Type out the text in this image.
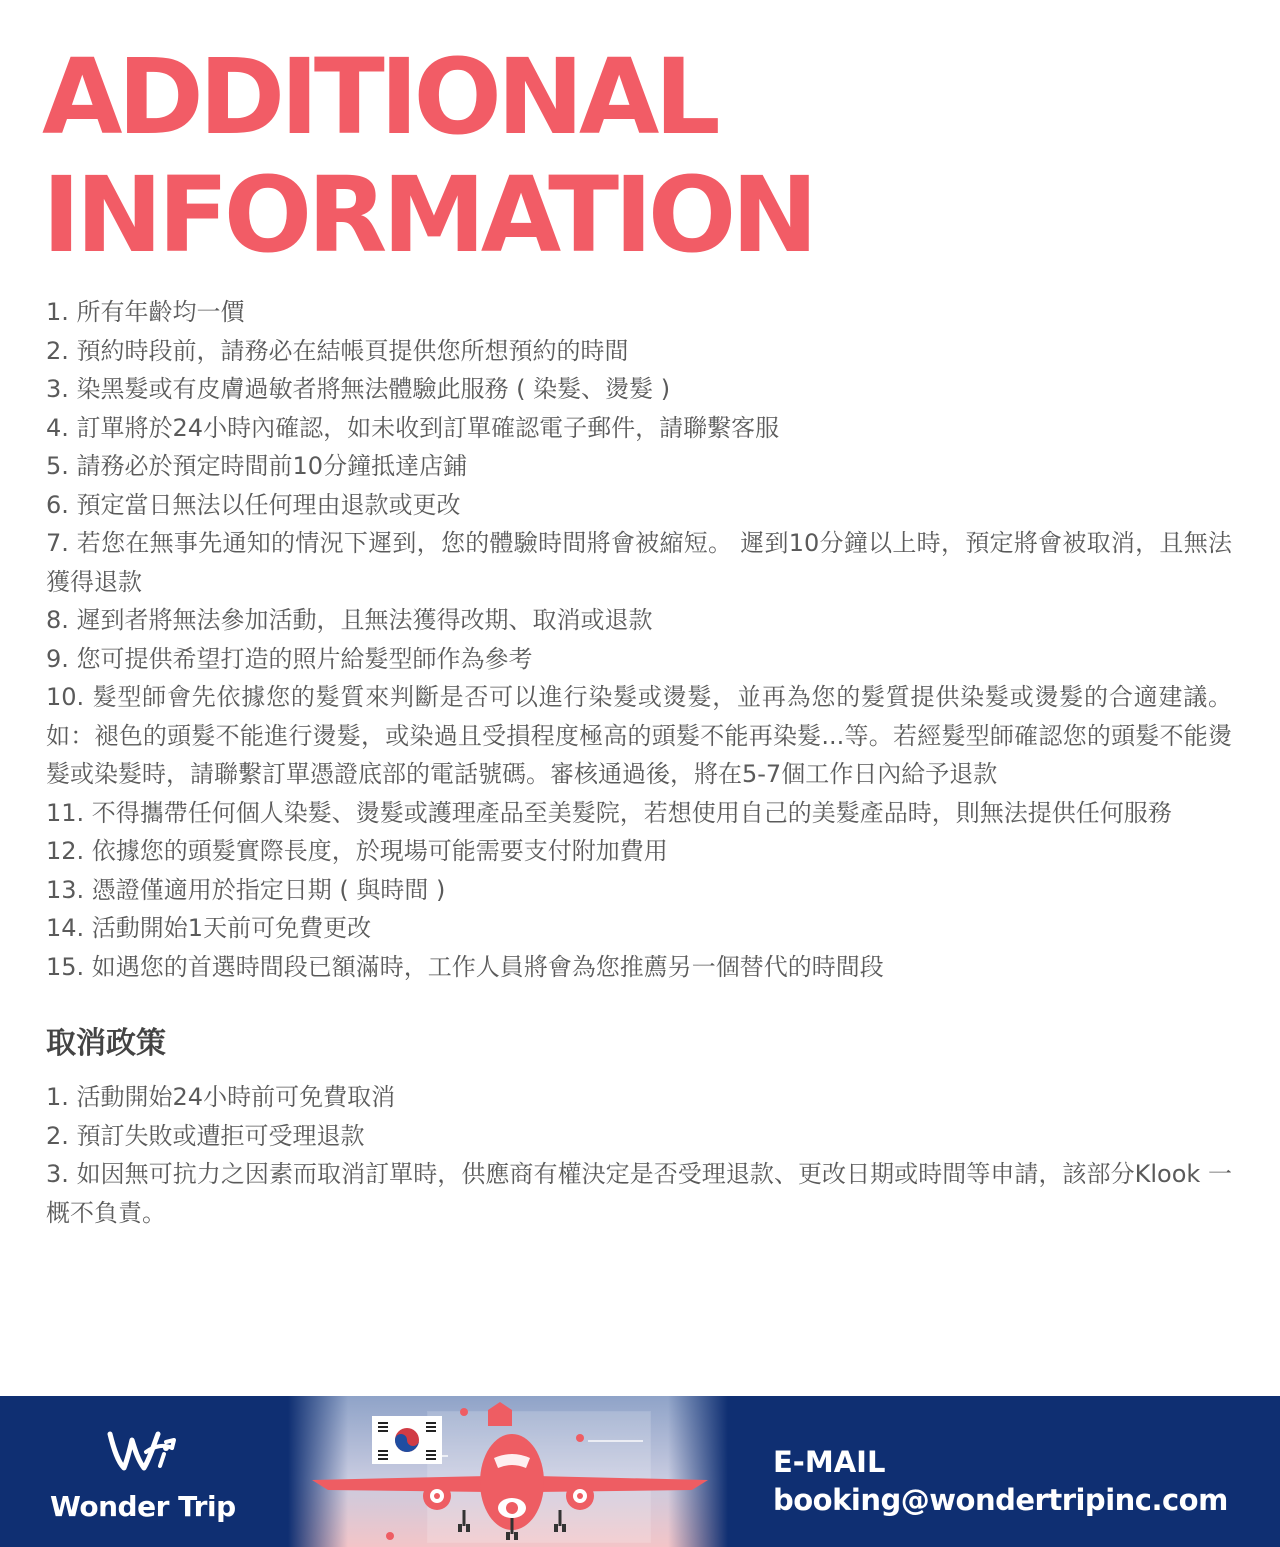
ADDITIONAL
INFORMATION
1. 所有年齡均一價
2. 預約時段前，請務必在結帳頁提供您所想預約的時間
3. 染黑髮或有皮膚過敏者將無法體驗此服務 ( 染髮、燙髮 )
4. 訂單將於24小時內確認，如未收到訂單確認電子郵件，請聯繫客服
5. 請務必於預定時間前10分鐘抵達店鋪
6. 預定當日無法以任何理由退款或更改
7. 若您在無事先通知的情況下遲到，您的體驗時間將會被縮短。 遲到10分鐘以上時，預定將會被取消，且無法獲得退款
8. 遲到者將無法參加活動，且無法獲得改期、取消或退款
9. 您可提供希望打造的照片給髮型師作為參考
10. 髮型師會先依據您的髮質來判斷是否可以進行染髮或燙髮，並再為您的髮質提供染髮或燙髮的合適建議。如：褪色的頭髮不能進行燙髮，或染過且受損程度極高的頭髮不能再染髮...等。若經髮型師確認您的頭髮不能燙髮或染髮時，請聯繫訂單憑證底部的電話號碼。審核通過後，將在5-7個工作日內給予退款
11. 不得攜帶任何個人染髮、燙髮或護理產品至美髮院，若想使用自己的美髮產品時，則無法提供任何服務
12. 依據您的頭髮實際長度，於現場可能需要支付附加費用
13. 憑證僅適用於指定日期 ( 與時間 )
14. 活動開始1天前可免費更改
15. 如遇您的首選時間段已額滿時，工作人員將會為您推薦另一個替代的時間段
取消政策
1. 活動開始24小時前可免費取消
2. 預訂失敗或遭拒可受理退款
3. 如因無可抗力之因素而取消訂單時，供應商有權決定是否受理退款、更改日期或時間等申請，該部分Klook 一概不負責。
Wonder Trip
E-MAIL
booking@wondertripinc.com
